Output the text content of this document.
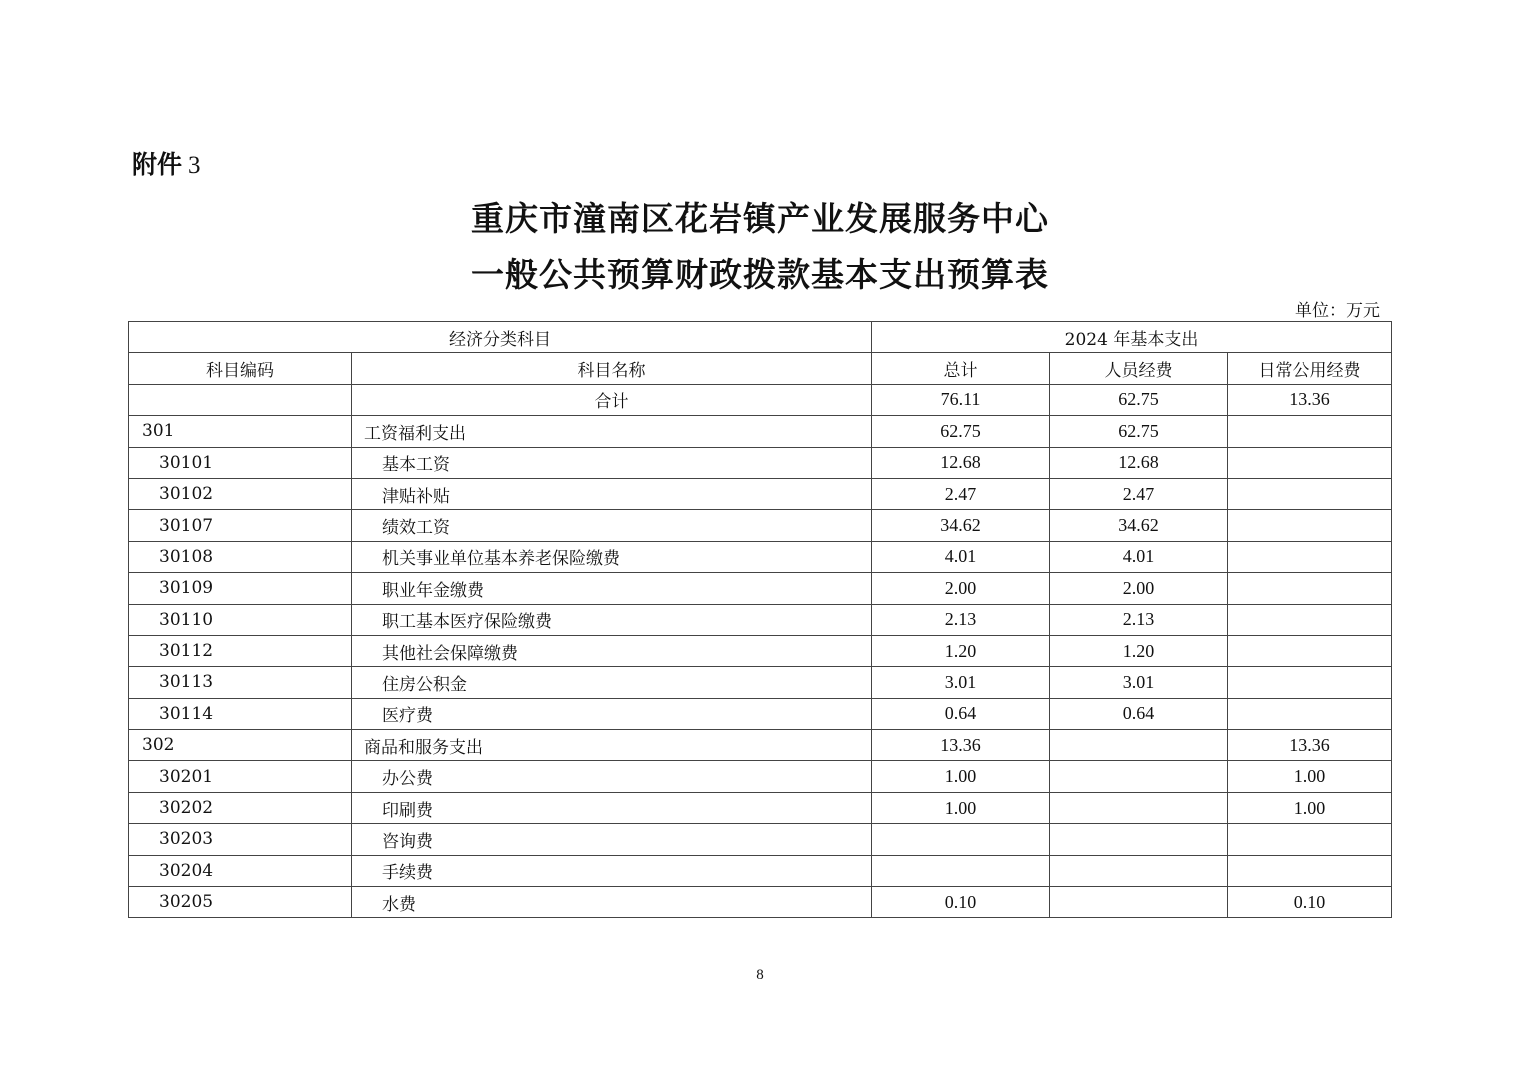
附件 3
重庆市潼南区花岩镇产业发展服务中心
一般公共预算财政拨款基本支出预算表
单位：万元
经济分类科目		2024 年基本支出		
科目编码	科目名称	总计	人员经费	日常公用经费
	合计	76.11	62.75	13.36
301	工资福利支出	62.75	62.75	
30101	基本工资	12.68	12.68	
30102	津贴补贴	2.47	2.47	
30107	绩效工资	34.62	34.62	
30108	机关事业单位基本养老保险缴费	4.01	4.01	
30109	职业年金缴费	2.00	2.00	
30110	职工基本医疗保险缴费	2.13	2.13	
30112	其他社会保障缴费	1.20	1.20	
30113	住房公积金	3.01	3.01	
30114	医疗费	0.64	0.64	
302	商品和服务支出	13.36		13.36
30201	办公费	1.00		1.00
30202	印刷费	1.00		1.00
30203	咨询费			
30204	手续费			
30205	水费	0.10		0.10
8
